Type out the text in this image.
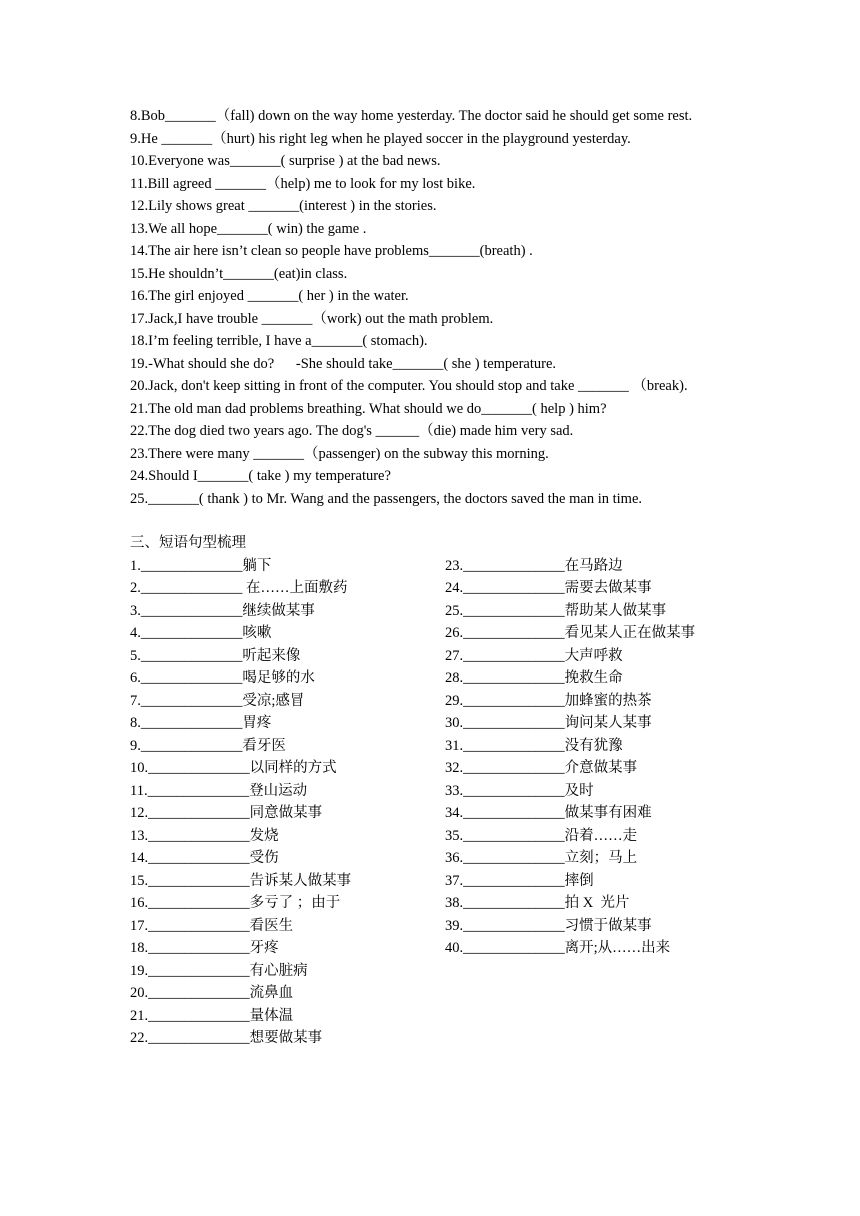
8.Bob_______（fall) down on the way home yesterday. The doctor said he should get some rest.
9.He _______（hurt) his right leg when he played soccer in the playground yesterday.
10.Everyone was_______( surprise ) at the bad news.
11.Bill agreed _______（help) me to look for my lost bike.
12.Lily shows great _______(interest ) in the stories.
13.We all hope_______( win) the game .
14.The air here isn’t clean so people have problems_______(breath) .
15.He shouldn’t_______(eat)in class.
16.The girl enjoyed _______( her ) in the water.
17.Jack,I have trouble _______（work) out the math problem.
18.I’m feeling terrible, I have a_______( stomach).
19.-What should she do?      -She should take_______( she ) temperature.
20.Jack, don't keep sitting in front of the computer. You should stop and take _______ （break).
21.The old man dad problems breathing. What should we do_______( help ) him?
22.The dog died two years ago. The dog's ______（die) made him very sad.
23.There were many _______（passenger) on the subway this morning.
24.Should I_______( take ) my temperature?
25._______( thank ) to Mr. Wang and the passengers, the doctors saved the man in time.
三、短语句型梳理
1.______________躺下
2.______________ 在……上面敷药
3.______________继续做某事
4.______________咳嗽
5.______________听起来像
6.______________喝足够的水
7.______________受凉;感冒
8.______________胃疼
9.______________看牙医
10.______________以同样的方式
11.______________登山运动
12.______________同意做某事
13.______________发烧
14.______________受伤
15.______________告诉某人做某事
16.______________多亏了 ；由于
17.______________看医生
18.______________牙疼
19.______________有心脏病
20.______________流鼻血
21.______________量体温
22.______________想要做某事
23.______________在马路边
24.______________需要去做某事
25.______________帮助某人做某事
26.______________看见某人正在做某事
27.______________大声呼救
28.______________挽救生命
29.______________加蜂蜜的热茶
30.______________询问某人某事
31.______________没有犹豫
32.______________介意做某事
33.______________及时
34.______________做某事有困难
35.______________沿着……走
36.______________立刻；马上
37.______________摔倒
38.______________拍 X  光片
39.______________习惯于做某事
40.______________离开;从……出来
